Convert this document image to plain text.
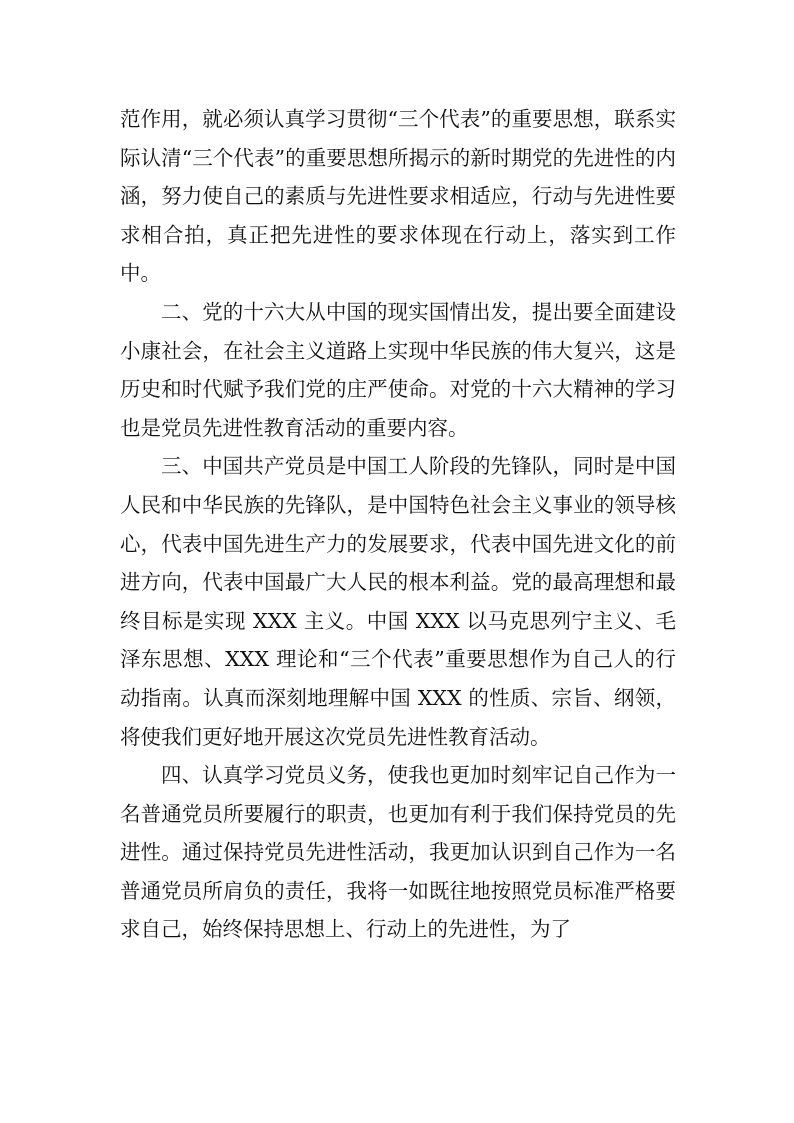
范作用，就必须认真学习贯彻“三个代表”的重要思想，联系实际认清“三个代表”的重要思想所揭示的新时期党的先进性的内涵，努力使自己的素质与先进性要求相适应，行动与先进性要求相合拍，真正把先进性的要求体现在行动上，落实到工作中。

二、党的十六大从中国的现实国情出发，提出要全面建设小康社会，在社会主义道路上实现中华民族的伟大复兴，这是历史和时代赋予我们党的庄严使命。对党的十六大精神的学习也是党员先进性教育活动的重要内容。

三、中国共产党员是中国工人阶段的先锋队，同时是中国人民和中华民族的先锋队，是中国特色社会主义事业的领导核心，代表中国先进生产力的发展要求，代表中国先进文化的前进方向，代表中国最广大人民的根本利益。党的最高理想和最终目标是实现 XXX 主义。中国 XXX 以马克思列宁主义、毛泽东思想、XXX 理论和“三个代表”重要思想作为自己人的行动指南。认真而深刻地理解中国 XXX 的性质、宗旨、纲领，将使我们更好地开展这次党员先进性教育活动。

四、认真学习党员义务，使我也更加时刻牢记自己作为一名普通党员所要履行的职责，也更加有利于我们保持党员的先进性。通过保持党员先进性活动，我更加认识到自己作为一名普通党员所肩负的责任，我将一如既往地按照党员标准严格要求自己，始终保持思想上、行动上的先进性，为了
